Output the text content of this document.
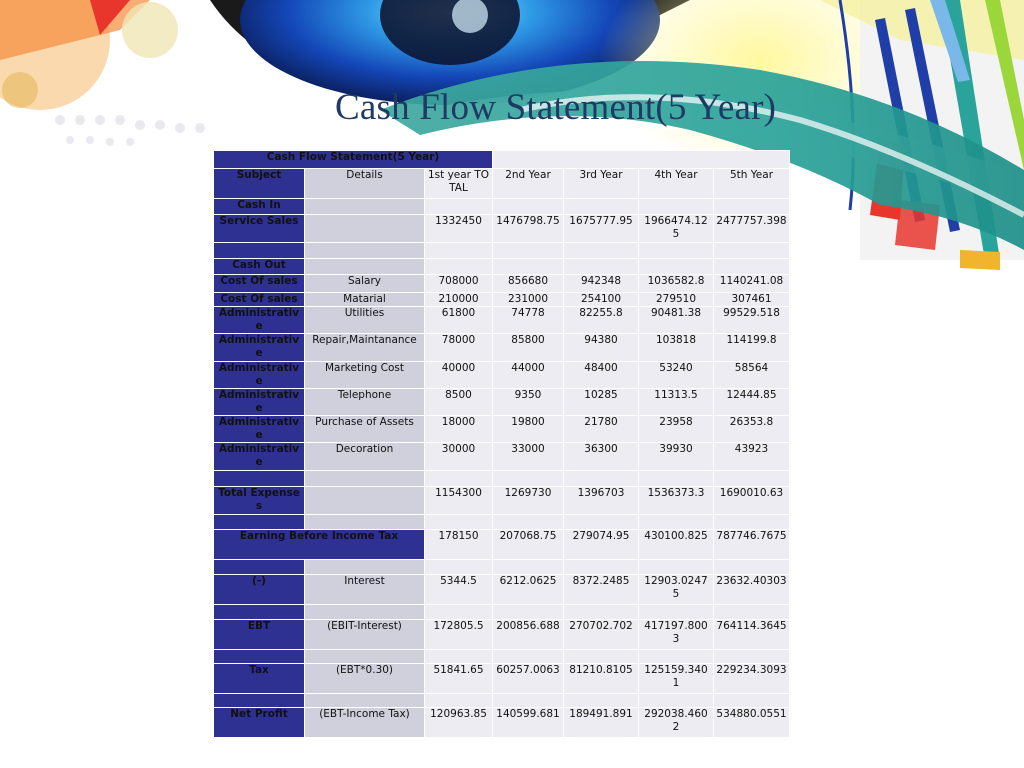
Cash Flow Statement(5 Year)
Cash Flow Statement(5 Year)						
Subject	Details	1st year TOTAL	2nd Year	3rd Year	4th Year	5th Year
Cash In						
Service Sales		1332450	1476798.75	1675777.95	1966474.125	2477757.398

Cash Out						
Cost Of sales	Salary	708000	856680	942348	1036582.8	1140241.08
Cost Of sales	Matarial	210000	231000	254100	279510	307461
Administrative	Utilities	61800	74778	82255.8	90481.38	99529.518
Administrative	Repair,Maintanance	78000	85800	94380	103818	114199.8
Administrative	Marketing Cost	40000	44000	48400	53240	58564
Administrative	Telephone	8500	9350	10285	11313.5	12444.85
Administrative	Purchase of Assets	18000	19800	21780	23958	26353.8
Administrative	Decoration	30000	33000	36300	39930	43923

Total Expenses		1154300	1269730	1396703	1536373.3	1690010.63

Earning Before Income Tax		178150	207068.75	279074.95	430100.825	787746.7675

(-)	Interest	5344.5	6212.0625	8372.2485	12903.02475	23632.40303

EBT	(EBIT-Interest)	172805.5	200856.688	270702.702	417197.8003	764114.3645

Tax	(EBT*0.30)	51841.65	60257.0063	81210.8105	125159.3401	229234.3093

Net Profit	(EBT-Income Tax)	120963.85	140599.681	189491.891	292038.4602	534880.0551
